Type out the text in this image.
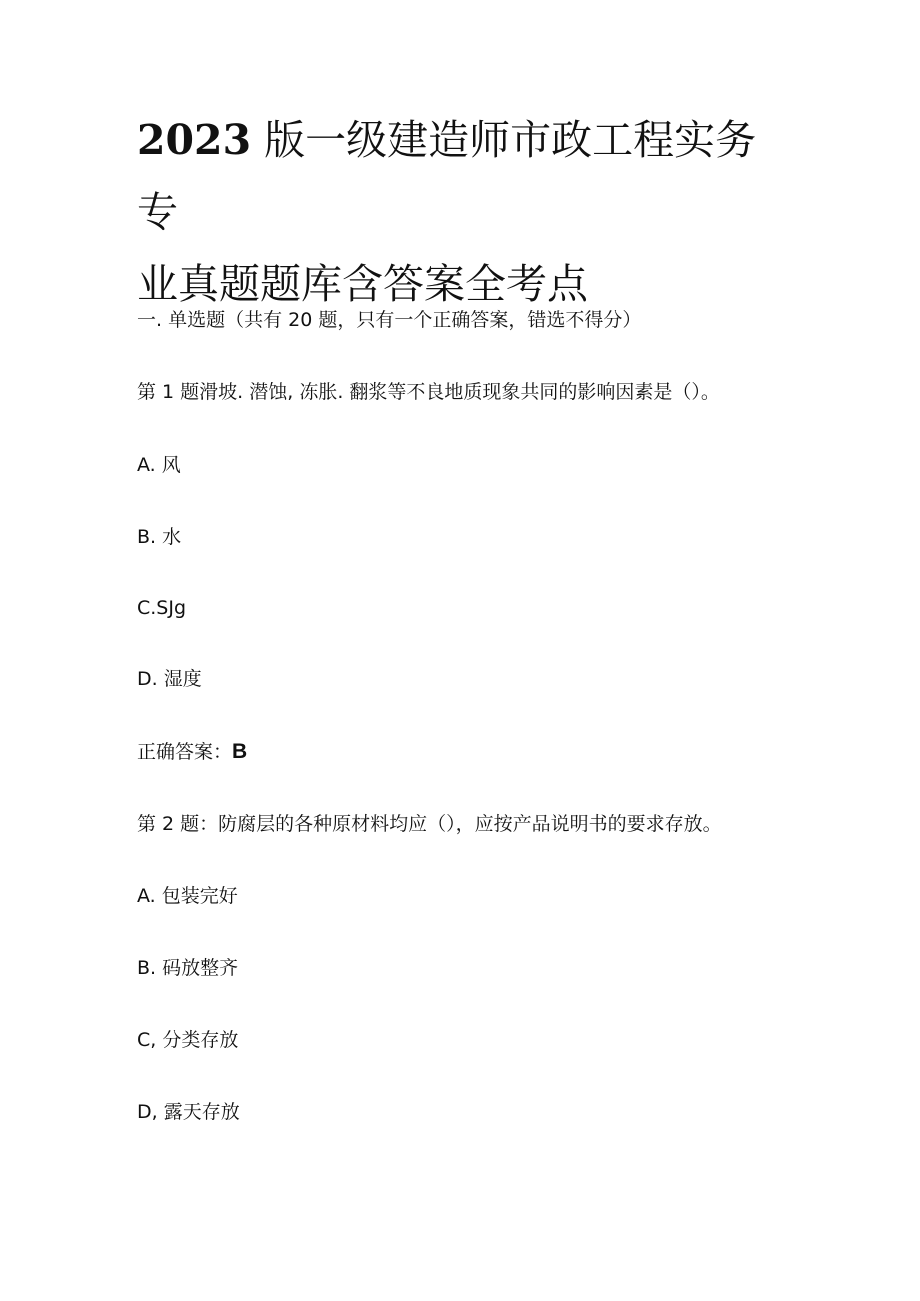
2023 版一级建造师市政工程实务专
业真题题库含答案全考点

一. 单选题（共有 20 题，只有一个正确答案，错选不得分）

第 1 题滑坡. 潜蚀, 冻胀. 翻浆等不良地质现象共同的影响因素是（）。

A. 风

B. 水

C.SJg

D. 湿度

正确答案：B

第 2 题：防腐层的各种原材料均应（），应按产品说明书的要求存放。

A. 包装完好

B. 码放整齐

C, 分类存放

D, 露天存放
